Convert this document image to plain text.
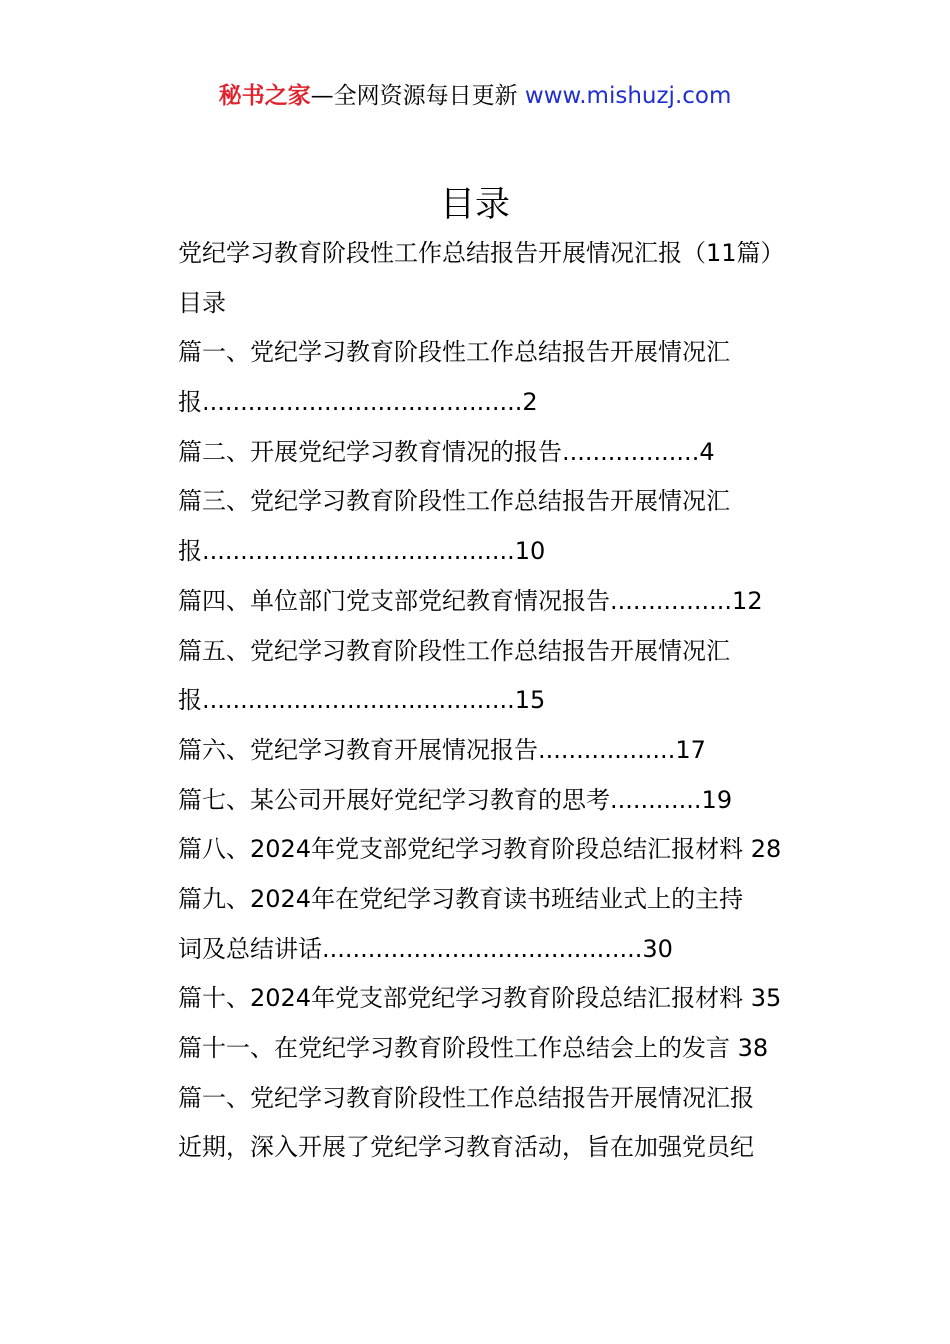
秘书之家—全网资源每日更新 www.mishuzj.com
目录
党纪学习教育阶段性工作总结报告开展情况汇报（11篇）
目录
篇一、党纪学习教育阶段性工作总结报告开展情况汇
报..........................................2
篇二、开展党纪学习教育情况的报告..................4
篇三、党纪学习教育阶段性工作总结报告开展情况汇
报.........................................10
篇四、单位部门党支部党纪教育情况报告................12
篇五、党纪学习教育阶段性工作总结报告开展情况汇
报.........................................15
篇六、党纪学习教育开展情况报告..................17
篇七、某公司开展好党纪学习教育的思考............19
篇八、2024年党支部党纪学习教育阶段总结汇报材料 28
篇九、2024年在党纪学习教育读书班结业式上的主持
词及总结讲话..........................................30
篇十、2024年党支部党纪学习教育阶段总结汇报材料 35
篇十一、在党纪学习教育阶段性工作总结会上的发言 38
篇一、党纪学习教育阶段性工作总结报告开展情况汇报
近期，深入开展了党纪学习教育活动，旨在加强党员纪
